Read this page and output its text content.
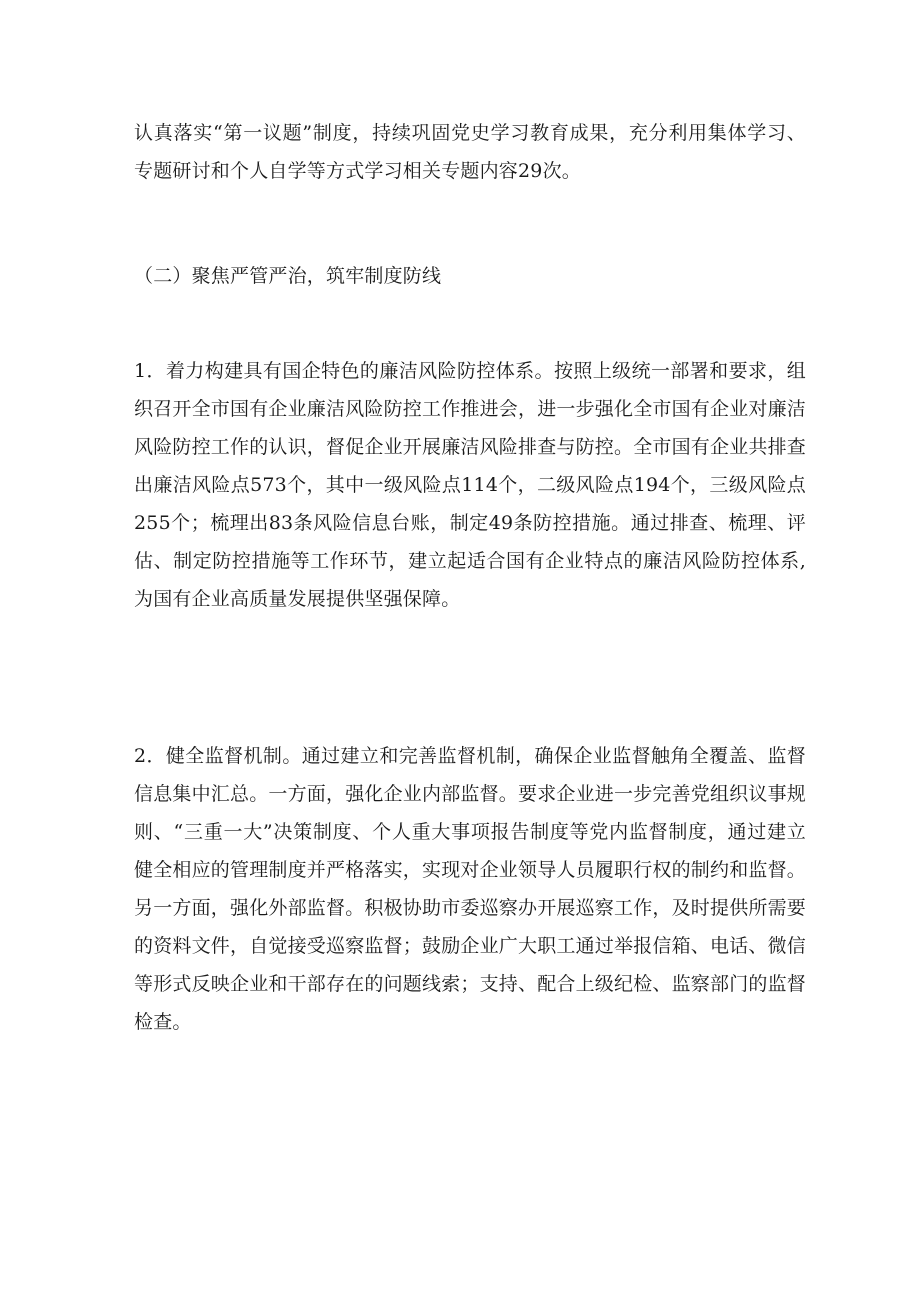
认真落实“第一议题”制度，持续巩固党史学习教育成果，充分利用集体学习、专题研讨和个人自学等方式学习相关专题内容29次。

（二）聚焦严管严治，筑牢制度防线

1．着力构建具有国企特色的廉洁风险防控体系。按照上级统一部署和要求，组织召开全市国有企业廉洁风险防控工作推进会，进一步强化全市国有企业对廉洁风险防控工作的认识，督促企业开展廉洁风险排查与防控。全市国有企业共排查出廉洁风险点573个，其中一级风险点114个，二级风险点194个，三级风险点255个；梳理出83条风险信息台账，制定49条防控措施。通过排查、梳理、评估、制定防控措施等工作环节，建立起适合国有企业特点的廉洁风险防控体系,为国有企业高质量发展提供坚强保障。

2．健全监督机制。通过建立和完善监督机制，确保企业监督触角全覆盖、监督信息集中汇总。一方面，强化企业内部监督。要求企业进一步完善党组织议事规则、“三重一大”决策制度、个人重大事项报告制度等党内监督制度，通过建立健全相应的管理制度并严格落实，实现对企业领导人员履职行权的制约和监督。另一方面，强化外部监督。积极协助市委巡察办开展巡察工作，及时提供所需要的资料文件，自觉接受巡察监督；鼓励企业广大职工通过举报信箱、电话、微信等形式反映企业和干部存在的问题线索；支持、配合上级纪检、监察部门的监督检查。
